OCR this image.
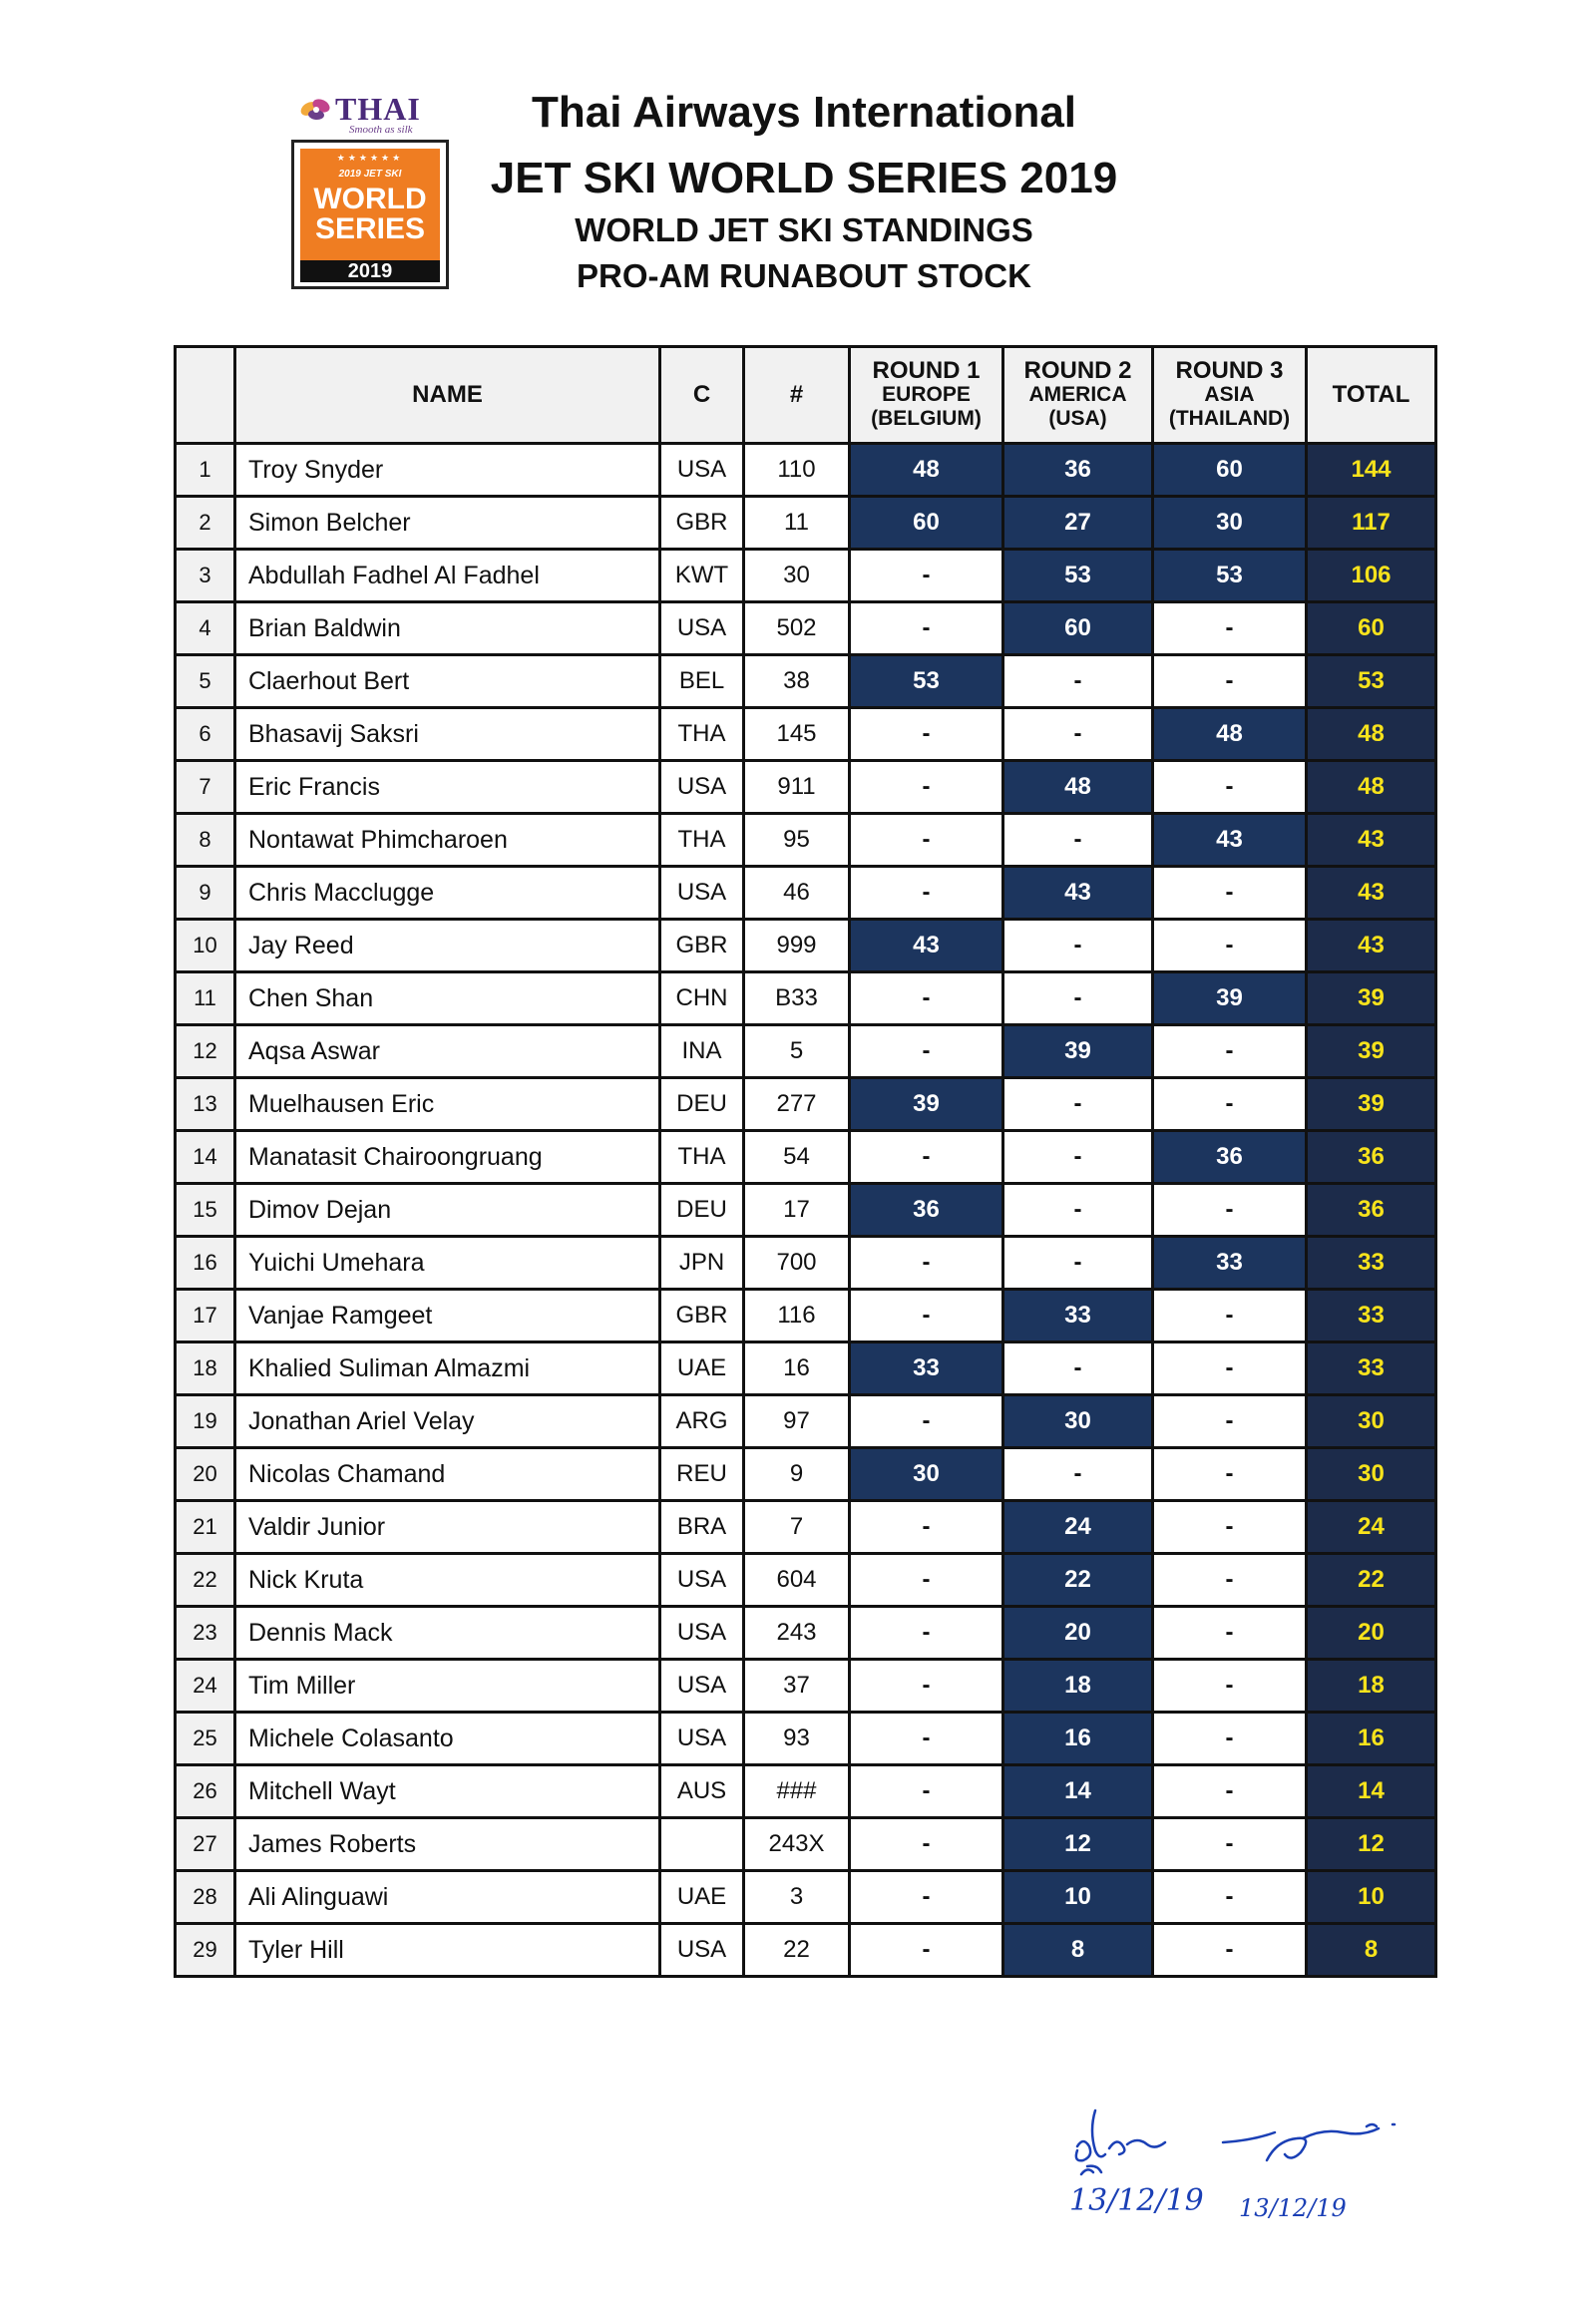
THAI
Smooth as silk
★★★★★★
2019 JET SKI
WORLD
SERIES
2019
Thai Airways International
JET SKI WORLD SERIES 2019
WORLD JET SKI STANDINGS
PRO-AM RUNABOUT STOCK
	NAME	C	#	ROUND 1
EUROPE
(BELGIUM)	ROUND 2
AMERICA
(USA)	ROUND 3
ASIA
(THAILAND)	TOTAL
1	Troy Snyder	USA	110	48	36	60	144
2	Simon Belcher	GBR	11	60	27	30	117
3	Abdullah Fadhel Al Fadhel	KWT	30	-	53	53	106
4	Brian Baldwin	USA	502	-	60	-	60
5	Claerhout Bert	BEL	38	53	-	-	53
6	Bhasavij Saksri	THA	145	-	-	48	48
7	Eric Francis	USA	911	-	48	-	48
8	Nontawat Phimcharoen	THA	95	-	-	43	43
9	Chris Macclugge	USA	46	-	43	-	43
10	Jay Reed	GBR	999	43	-	-	43
11	Chen Shan	CHN	B33	-	-	39	39
12	Aqsa Aswar	INA	5	-	39	-	39
13	Muelhausen Eric	DEU	277	39	-	-	39
14	Manatasit Chairoongruang	THA	54	-	-	36	36
15	Dimov Dejan	DEU	17	36	-	-	36
16	Yuichi Umehara	JPN	700	-	-	33	33
17	Vanjae Ramgeet	GBR	116	-	33	-	33
18	Khalied Suliman Almazmi	UAE	16	33	-	-	33
19	Jonathan Ariel Velay	ARG	97	-	30	-	30
20	Nicolas Chamand	REU	9	30	-	-	30
21	Valdir Junior	BRA	7	-	24	-	24
22	Nick Kruta	USA	604	-	22	-	22
23	Dennis Mack	USA	243	-	20	-	20
24	Tim Miller	USA	37	-	18	-	18
25	Michele Colasanto	USA	93	-	16	-	16
26	Mitchell Wayt	AUS	###	-	14	-	14
27	James Roberts		243X	-	12	-	12
28	Ali Alinguawi	UAE	3	-	10	-	10
29	Tyler Hill	USA	22	-	8	-	8
13/12/19 13/12/19
